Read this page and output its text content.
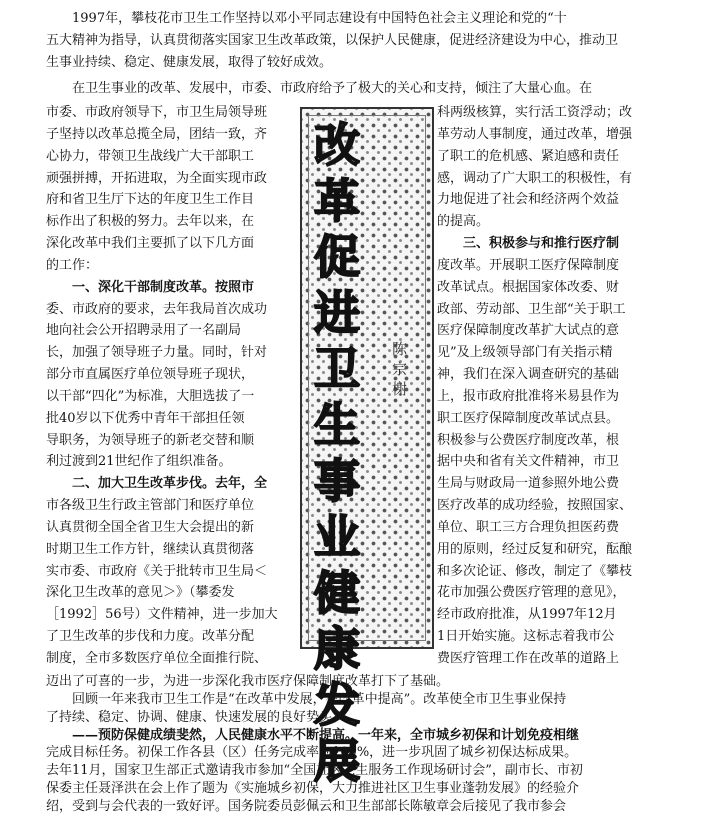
　　1997年，攀枝花市卫生工作坚持以邓小平同志建设有中国特色社会主义理论和党的“十
五大精神为指导，认真贯彻落实国家卫生改革政策，以保护人民健康，促进经济建设为中心，推动卫
生事业持续、稳定、健康发展，取得了较好成效。
　　在卫生事业的改革、发展中，市委、市政府给予了极大的关心和支持，倾注了大量心血。在
市委、市政府领导下，市卫生局领导班
子坚持以改革总揽全局，团结一致，齐
心协力，带领卫生战线广大干部职工
顽强拼搏，开拓进取，为全面实现市政
府和省卫生厅下达的年度卫生工作目
标作出了积极的努力。去年以来，在
深化改革中我们主要抓了以下几方面
的工作：
　　一、深化干部制度改革。按照市
委、市政府的要求，去年我局首次成功
地向社会公开招聘录用了一名副局
长，加强了领导班子力量。同时，针对
部分市直属医疗单位领导班子现状，
以干部“四化”为标准，大胆选拔了一
批40岁以下优秀中青年干部担任领
导职务，为领导班子的新老交替和顺
利过渡到21世纪作了组织准备。
　　二、加大卫生改革步伐。去年，全
市各级卫生行政主管部门和医疗单位
认真贯彻全国全省卫生大会提出的新
时期卫生工作方针，继续认真贯彻落
实市委、市政府《关于批转市卫生局＜
深化卫生改革的意见＞》（攀委发
［1992］56号）文件精神，进一步加大
了卫生改革的步伐和力度。改革分配
制度，全市多数医疗单位全面推行院、
改革促进卫生事业健康发展
陈宗榭
科两级核算，实行活工资浮动；改
革劳动人事制度，通过改革，增强
了职工的危机感、紧迫感和责任
感，调动了广大职工的积极性，有
力地促进了社会和经济两个效益
的提高。
　　三、积极参与和推行医疗制
度改革。开展职工医疗保障制度
改革试点。根据国家体改委、财
政部、劳动部、卫生部“关于职工
医疗保障制度改革扩大试点的意
见”及上级领导部门有关指示精
神，我们在深入调查研究的基础
上，报市政府批准将米易县作为
职工医疗保障制度改革试点县。
积极参与公费医疗制度改革，根
据中央和省有关文件精神，市卫
生局与财政局一道参照外地公费
医疗改革的成功经验，按照国家、
单位、职工三方合理负担医药费
用的原则，经过反复和研究，酝酿
和多次论证、修改，制定了《攀枝
花市加强公费医疗管理的意见》，
经市政府批准，从1997年12月
1日开始实施。这标志着我市公
费医疗管理工作在改革的道路上
迈出了可喜的一步，为进一步深化我市医疗保障制度改革打下了基础。
　　回顾一年来我市卫生工作是“在改革中发展，在改革中提高”。改革使全市卫生事业保持
了持续、稳定、协调、健康、快速发展的良好势头。
　　——预防保健成绩斐然，人民健康水平不断提高。一年来，全市城乡初保和计划免疫相继
完成目标任务。初保工作各县（区）任务完成率为100%，进一步巩固了城乡初保达标成果。
去年11月，国家卫生部正式邀请我市参加“全国社区卫生服务工作现场研讨会”，副市长、市初
保委主任聂泽洪在会上作了题为《实施城乡初保，大力推进社区卫生事业蓬勃发展》的经验介
绍，受到与会代表的一致好评。国务院委员彭佩云和卫生部部长陈敏章会后接见了我市参会
